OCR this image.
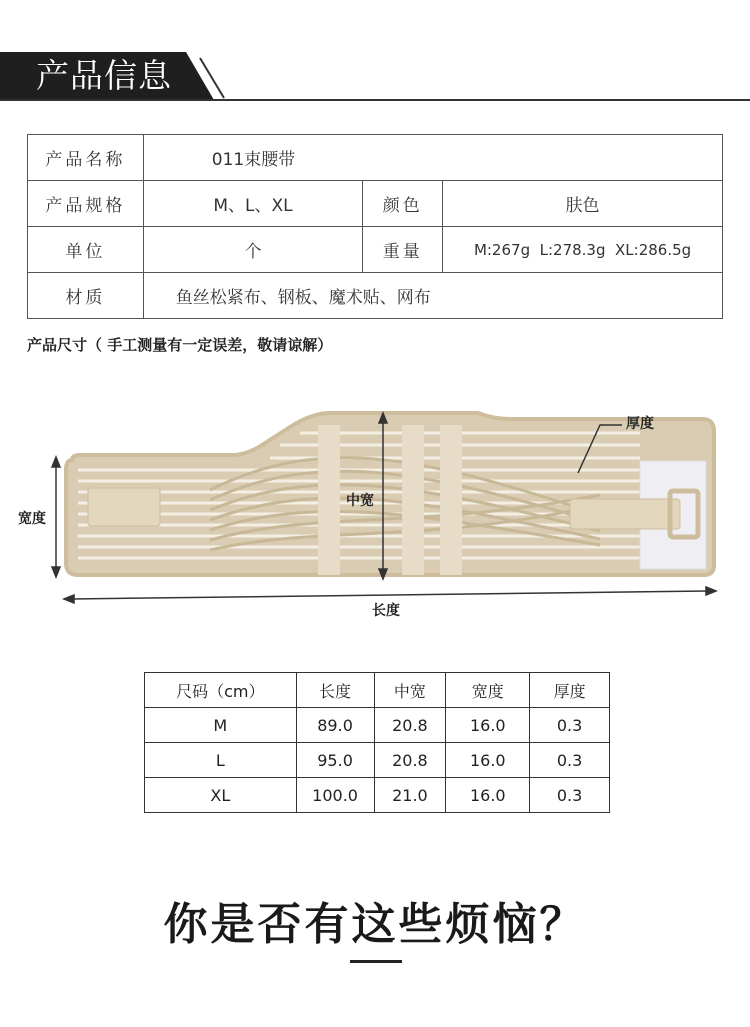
产品信息
产品名称	011束腰带		
产品规格	M、L、XL	颜色	肤色
单位	个	重量	M:267g  L:278.3g  XL:286.5g
材质	鱼丝松紧布、钢板、魔术贴、网布		
产品尺寸（ 手工测量有一定误差，敬请谅解）
中宽
宽度
长度
厚度
尺码（cm）	长度	中宽	宽度	厚度
M	89.0	20.8	16.0	0.3
L	95.0	20.8	16.0	0.3
XL	100.0	21.0	16.0	0.3
你是否有这些烦恼？
